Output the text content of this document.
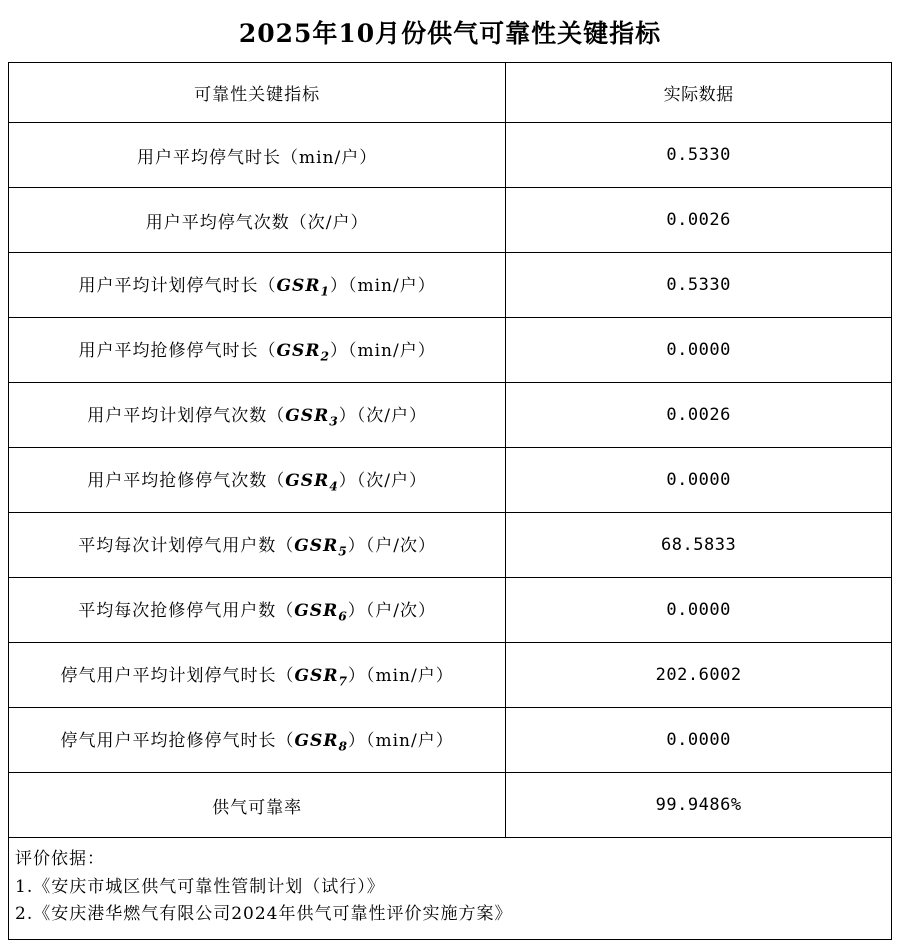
2025年10月份供气可靠性关键指标
可靠性关键指标	实际数据
用户平均停气时长（min/户）	0.5330
用户平均停气次数（次/户）	0.0026
用户平均计划停气时长$(GSR_1)(\min/$户）	0.5330
用户平均抢修停气时长$(GSR_2)(\min/$户）	0.0000
用户平均计划停气次数$(GSR_3)$（次/户）	0.0026
用户平均抢修停气次数$(GSR_4)$（次/户）	0.0000
平均每次计划停气用户数$(GSR_5)$（户/次）	68.5833
平均每次抢修停气用户数$(GSR_6)$（户/次）	0.0000
停气用户平均计划停气时长$(GSR_7)(\min/$户）	202.6002
停气用户平均抢修停气时长$(GSR_8)(\min/$户）	0.0000
供气可靠率	99.9486%

评价依据：
1.《安庆市城区供气可靠性管制计划（试行）》
2.《安庆港华燃气有限公司2024年供气可靠性评价实施方案》	
